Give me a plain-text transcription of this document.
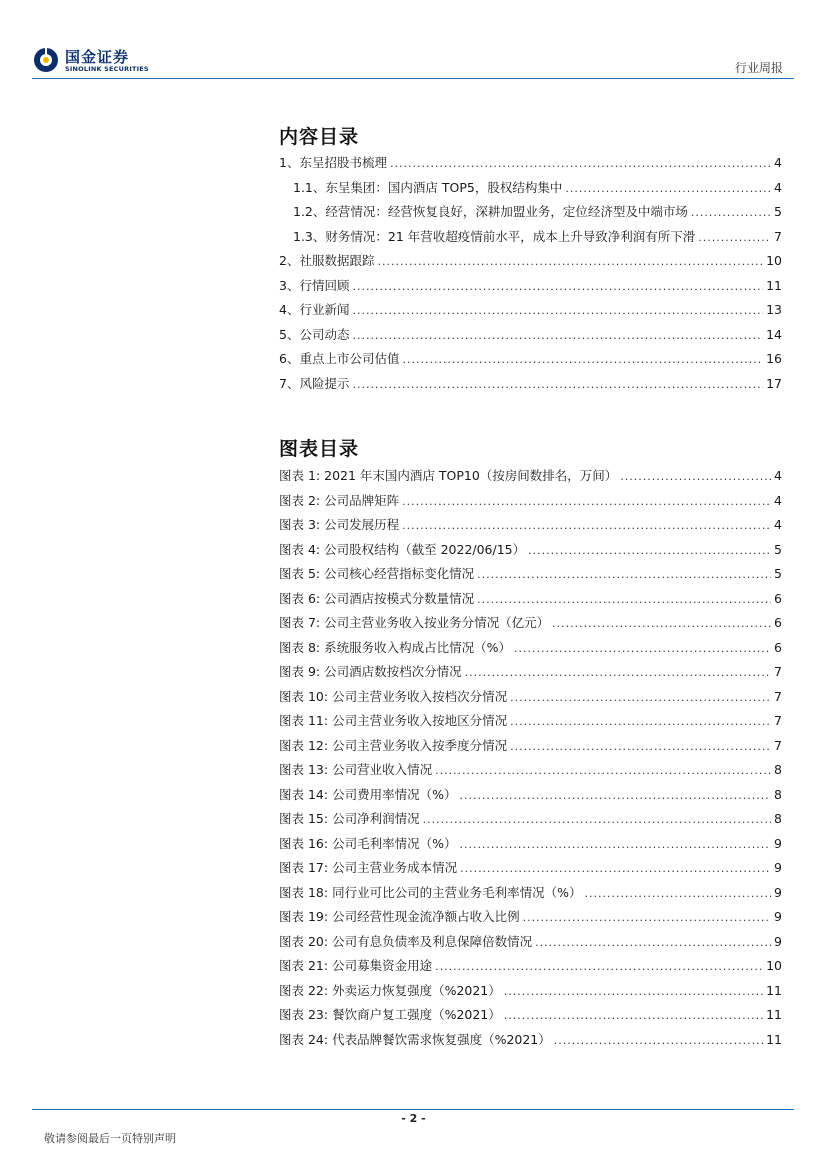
国金证券
SINOLINK SECURITIES	行业周报
内容目录
1、东呈招股书梳理 .....	4
1.1、东呈集团：国内酒店 TOP5，股权结构集中 .....	4
1.2、经营情况：经营恢复良好，深耕加盟业务，定位经济型及中端市场 .....	5
1.3、财务情况：21 年营收超疫情前水平，成本上升导致净利润有所下滑 .....	7
2、社服数据跟踪 .....	10
3、行情回顾 .....	11
4、行业新闻 .....	13
5、公司动态 .....	14
6、重点上市公司估值 .....	16
7、风险提示 .....	17
图表目录
图表 1: 2021 年末国内酒店 TOP10（按房间数排名，万间） .....	4
图表 2: 公司品牌矩阵 .....	4
图表 3: 公司发展历程 .....	4
图表 4: 公司股权结构（截至 2022/06/15） .....	5
图表 5: 公司核心经营指标变化情况 .....	5
图表 6: 公司酒店按模式分数量情况 .....	6
图表 7: 公司主营业务收入按业务分情况（亿元） .....	6
图表 8: 系统服务收入构成占比情况（%） .....	6
图表 9: 公司酒店数按档次分情况 .....	7
图表 10: 公司主营业务收入按档次分情况 .....	7
图表 11: 公司主营业务收入按地区分情况 .....	7
图表 12: 公司主营业务收入按季度分情况 .....	7
图表 13: 公司营业收入情况 .....	8
图表 14: 公司费用率情况（%） .....	8
图表 15: 公司净利润情况 .....	8
图表 16: 公司毛利率情况（%） .....	9
图表 17: 公司主营业务成本情况 .....	9
图表 18: 同行业可比公司的主营业务毛利率情况（%） .....	9
图表 19: 公司经营性现金流净额占收入比例 .....	9
图表 20: 公司有息负债率及利息保障倍数情况 .....	9
图表 21: 公司募集资金用途 .....	10
图表 22: 外卖运力恢复强度（%2021） .....	11
图表 23: 餐饮商户复工强度（%2021） .....	11
图表 24: 代表品牌餐饮需求恢复强度（%2021） .....	11
- 2 -
敬请参阅最后一页特别声明
